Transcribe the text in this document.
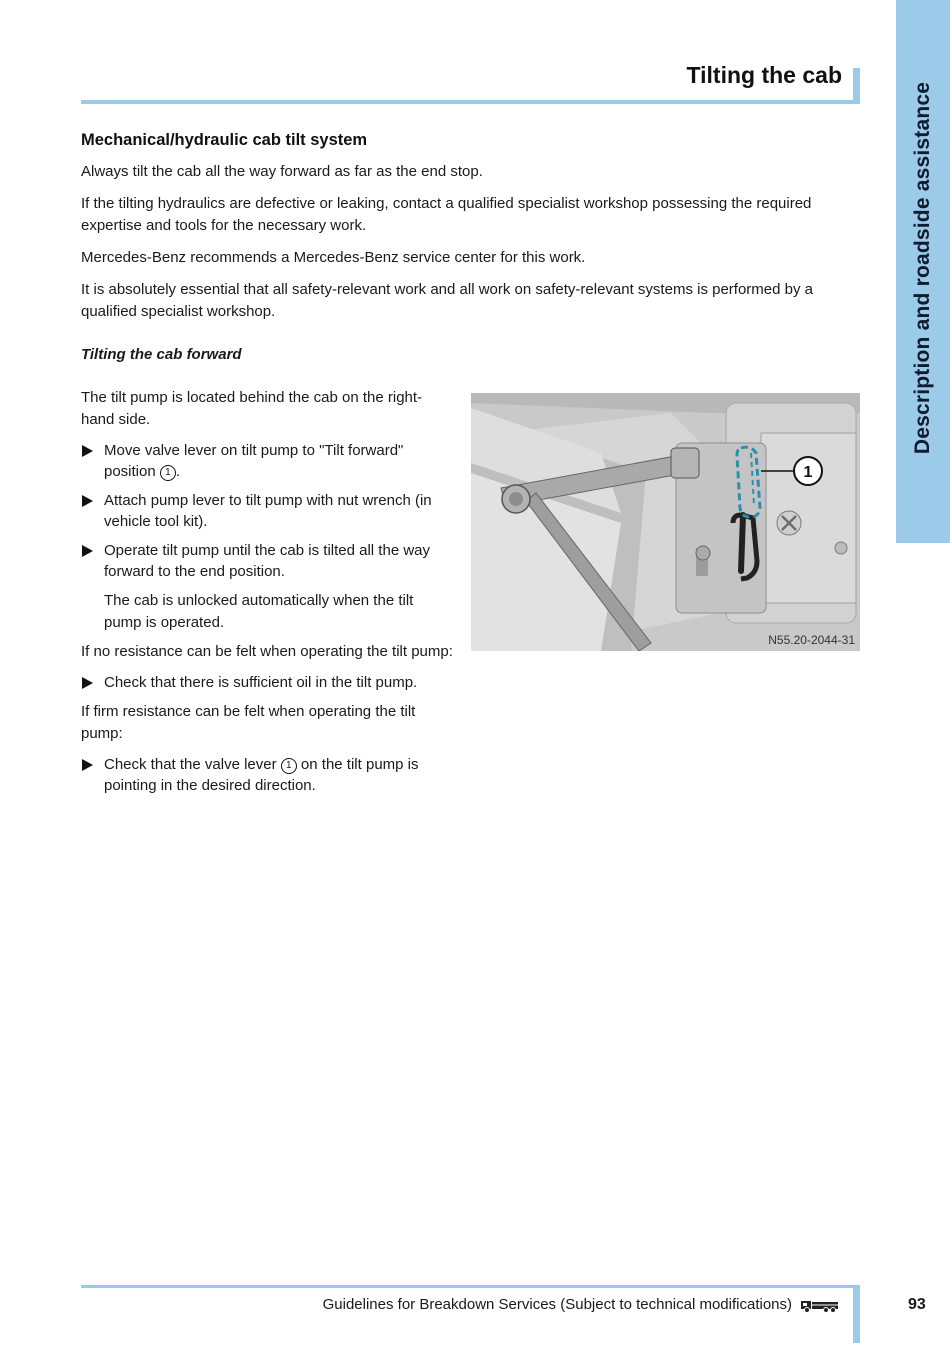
Description and roadside assistance
Tilting the cab
Mechanical/hydraulic cab tilt system

Always tilt the cab all the way forward as far as the end stop.

If the tilting hydraulics are defective or leaking, contact a qualified specialist workshop possessing the required expertise and tools for the necessary work.

Mercedes-Benz recommends a Mercedes-Benz service center for this work.

It is absolutely essential that all safety-relevant work and all work on safety-relevant systems is performed by a qualified specialist workshop.

Tilting the cab forward

The tilt pump is located behind the cab on the right-hand side.

Move valve lever on tilt pump to "Tilt forward" position 1 .
Attach pump lever to tilt pump with nut wrench (in vehicle tool kit).
Operate tilt pump until the cab is tilted all the way forward to the end position.
The cab is unlocked automatically when the tilt pump is operated.

If no resistance can be felt when operating the tilt pump:

Check that there is sufficient oil in the tilt pump.

If firm resistance can be felt when operating the tilt pump:

Check that the valve lever 1 on the tilt pump is pointing in the desired direction.
1
N55.20-2044-31
Guidelines for Breakdown Services (Subject to technical modifications)	93
